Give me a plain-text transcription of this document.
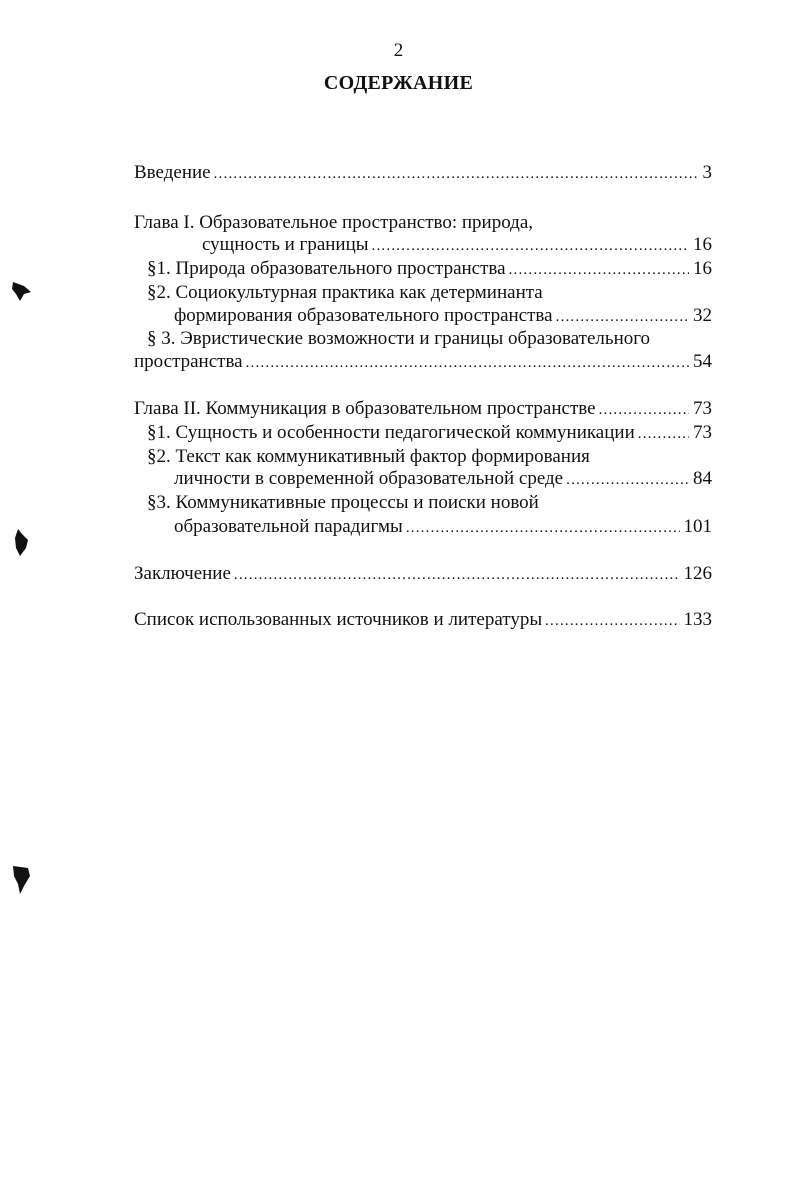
2
СОДЕРЖАНИЕ
Введение .....	3
Глава I. Образовательное пространство: природа,
сущность и границы .....	16
§1. Природа образовательного пространства .....	16
§2. Социокультурная практика как детерминанта
формирования образовательного пространства .....	32
§ 3. Эвристические возможности и границы образовательного
пространства .....	54
Глава II. Коммуникация в образовательном пространстве .....	73
§1. Сущность и особенности педагогической коммуникации .....	73
§2. Текст как коммуникативный фактор формирования
личности в современной образовательной среде .....	84
§3. Коммуникативные процессы и поиски новой
образовательной парадигмы .....	101
Заключение .....	126
Список использованных источников и литературы .....	133
